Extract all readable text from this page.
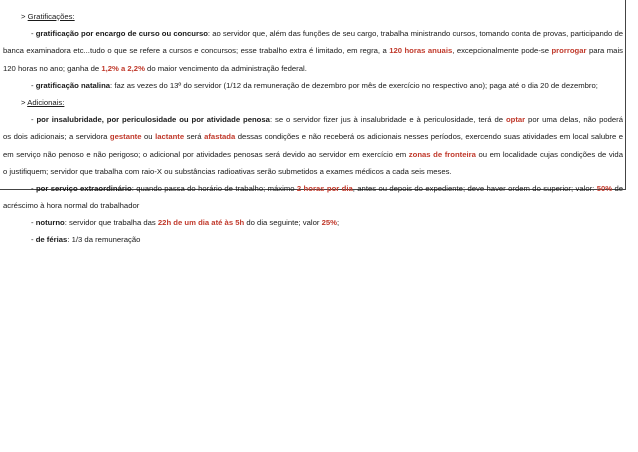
> Gratificações:
- gratificação por encargo de curso ou concurso: ao servidor que, além das funções de seu cargo, trabalha ministrando cursos, tomando conta de provas, participando de
banca examinadora etc...tudo o que se refere a cursos e concursos; esse trabalho extra é limitado, em regra, a 120 horas anuais, excepcionalmente pode-se prorrogar para mais
120 horas no ano; ganha de 1,2% a 2,2% do maior vencimento da administração federal.
- gratificação natalina: faz as vezes do 13º do servidor (1/12 da remuneração de dezembro por mês de exercício no respectivo ano); paga até o dia 20 de dezembro;
> Adicionais:
- por insalubridade, por periculosidade ou por atividade penosa: se o servidor fizer jus à insalubridade e à periculosidade, terá de optar por uma delas, não poderá
os dois adicionais; a servidora gestante ou lactante será afastada dessas condições e não receberá os adicionais nesses períodos, exercendo suas atividades em local salubre e
em serviço não penoso e não perigoso; o adicional por atividades penosas será devido ao servidor em exercício em zonas de fronteira ou em localidade cujas condições de vida
o justifiquem; servidor que trabalha com raio-X ou substâncias radioativas serão submetidos a exames médicos a cada seis meses.
- por serviço extraordinário: quando passa do horário de trabalho; máximo 2 horas por dia, antes ou depois do expediente; deve haver ordem do superior; valor: 50% de
acréscimo à hora normal do trabalhador
- noturno: servidor que trabalha das 22h de um dia até às 5h do dia seguinte; valor 25%;
- de férias: 1/3 da remuneração
